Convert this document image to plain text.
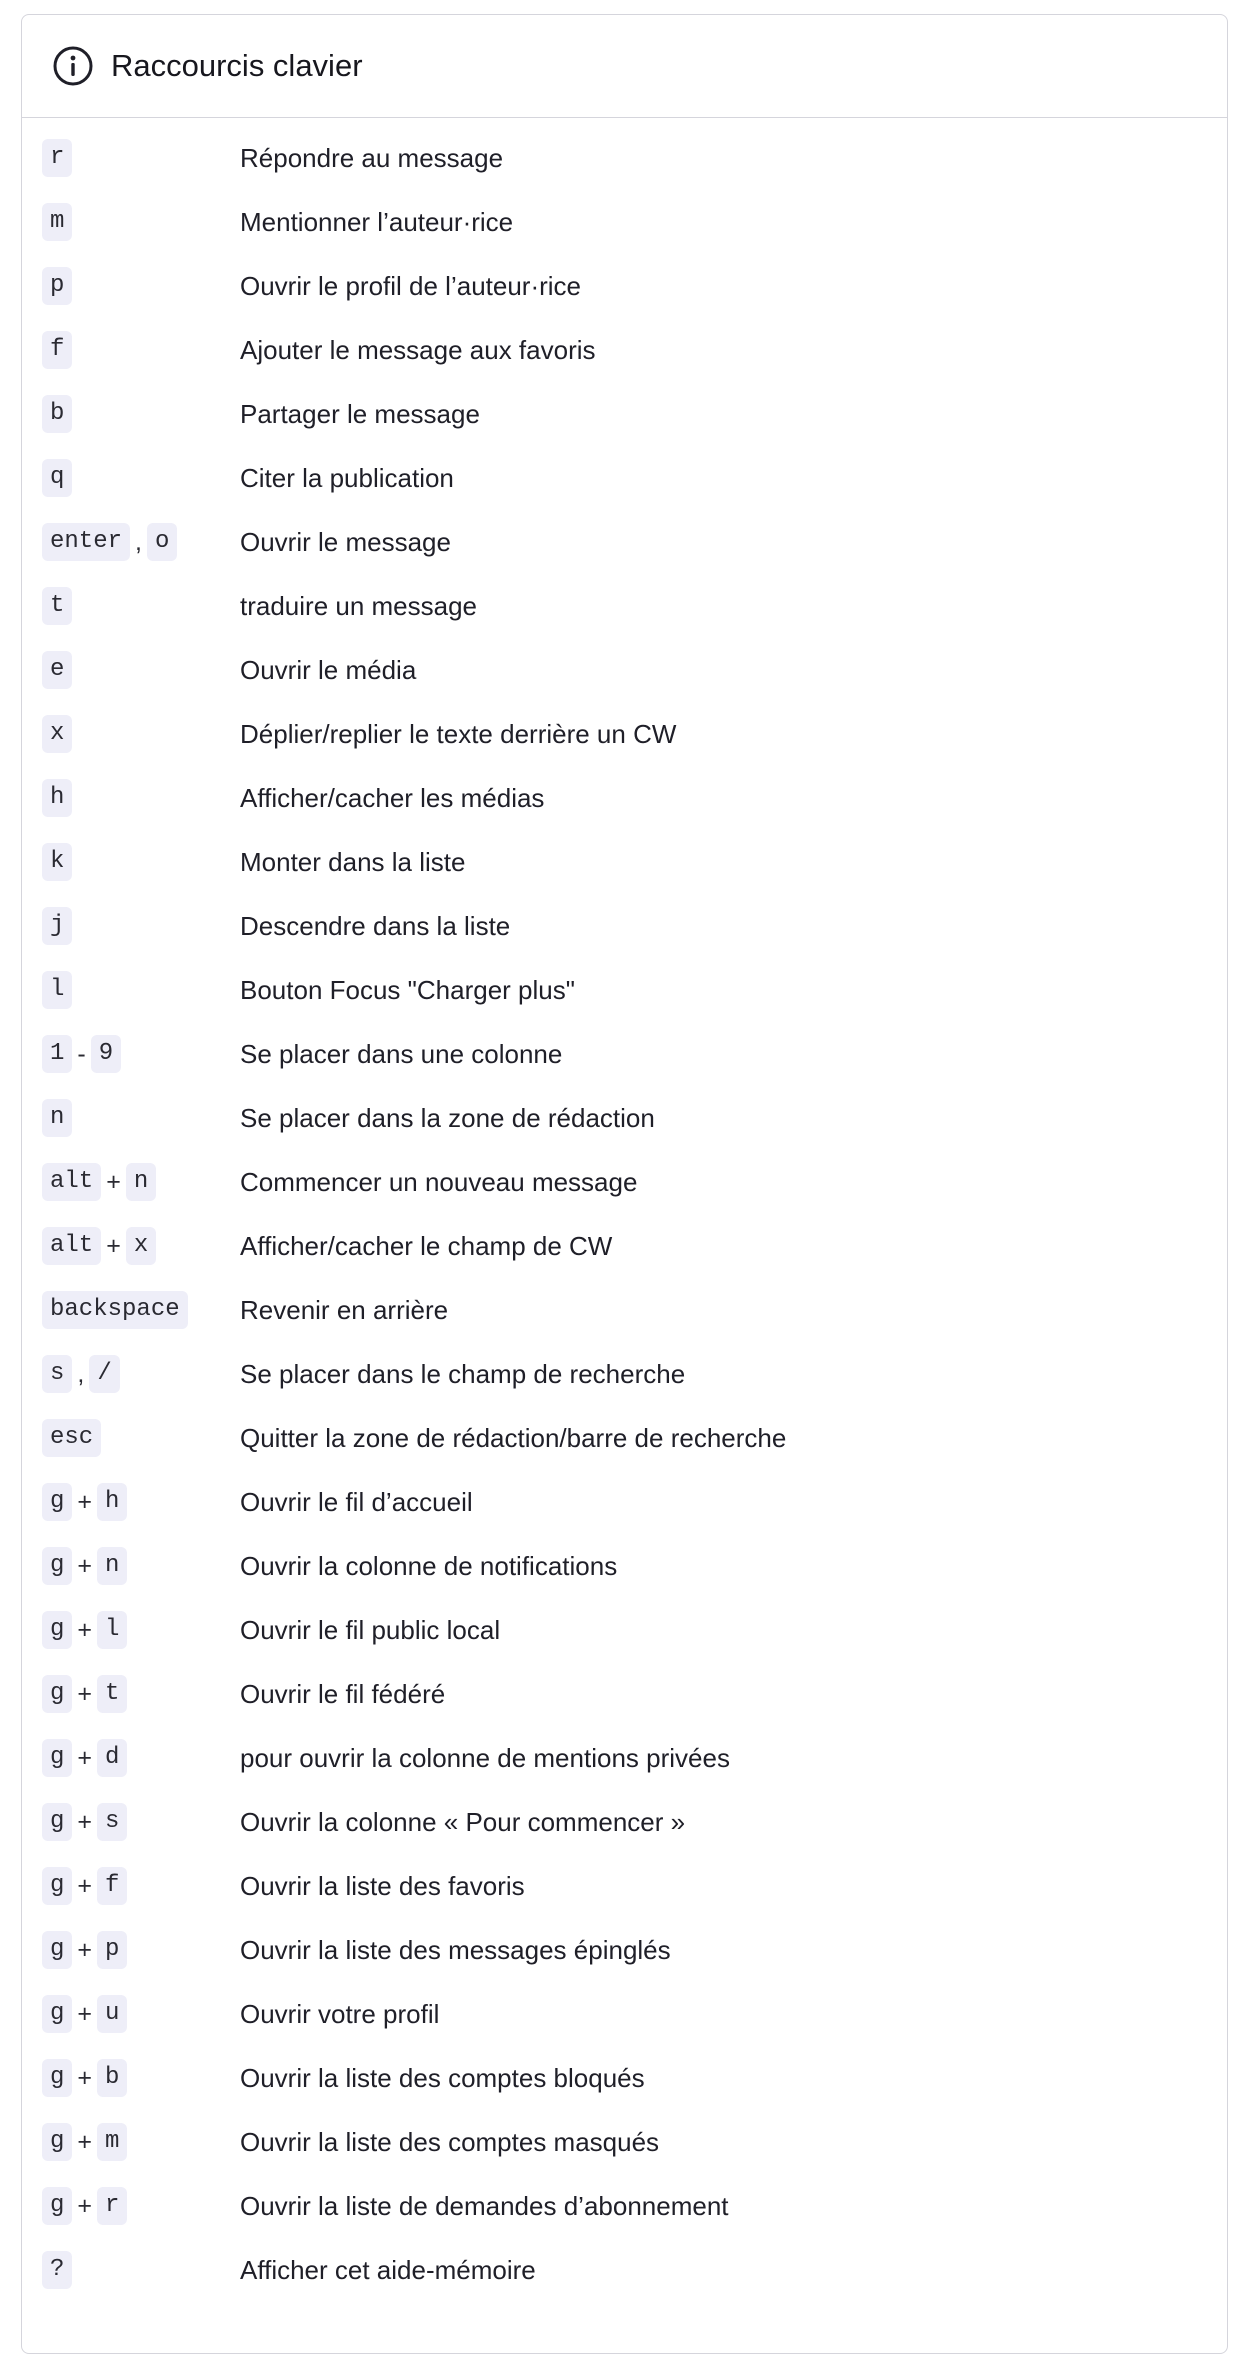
Raccourcis clavier
r	Répondre au message
m	Mentionner l’auteur·rice
p	Ouvrir le profil de l’auteur·rice
f	Ajouter le message aux favoris
b	Partager le message
q	Citer la publication
enter , o	Ouvrir le message
t	traduire un message
e	Ouvrir le média
x	Déplier/replier le texte derrière un CW
h	Afficher/cacher les médias
k	Monter dans la liste
j	Descendre dans la liste
l	Bouton Focus "Charger plus"
1 - 9	Se placer dans une colonne
n	Se placer dans la zone de rédaction
alt + n	Commencer un nouveau message
alt + x	Afficher/cacher le champ de CW
backspace	Revenir en arrière
s , /	Se placer dans le champ de recherche
esc	Quitter la zone de rédaction/barre de recherche
g + h	Ouvrir le fil d’accueil
g + n	Ouvrir la colonne de notifications
g + l	Ouvrir le fil public local
g + t	Ouvrir le fil fédéré
g + d	pour ouvrir la colonne de mentions privées
g + s	Ouvrir la colonne « Pour commencer »
g + f	Ouvrir la liste des favoris
g + p	Ouvrir la liste des messages épinglés
g + u	Ouvrir votre profil
g + b	Ouvrir la liste des comptes bloqués
g + m	Ouvrir la liste des comptes masqués
g + r	Ouvrir la liste de demandes d’abonnement
?	Afficher cet aide-mémoire
